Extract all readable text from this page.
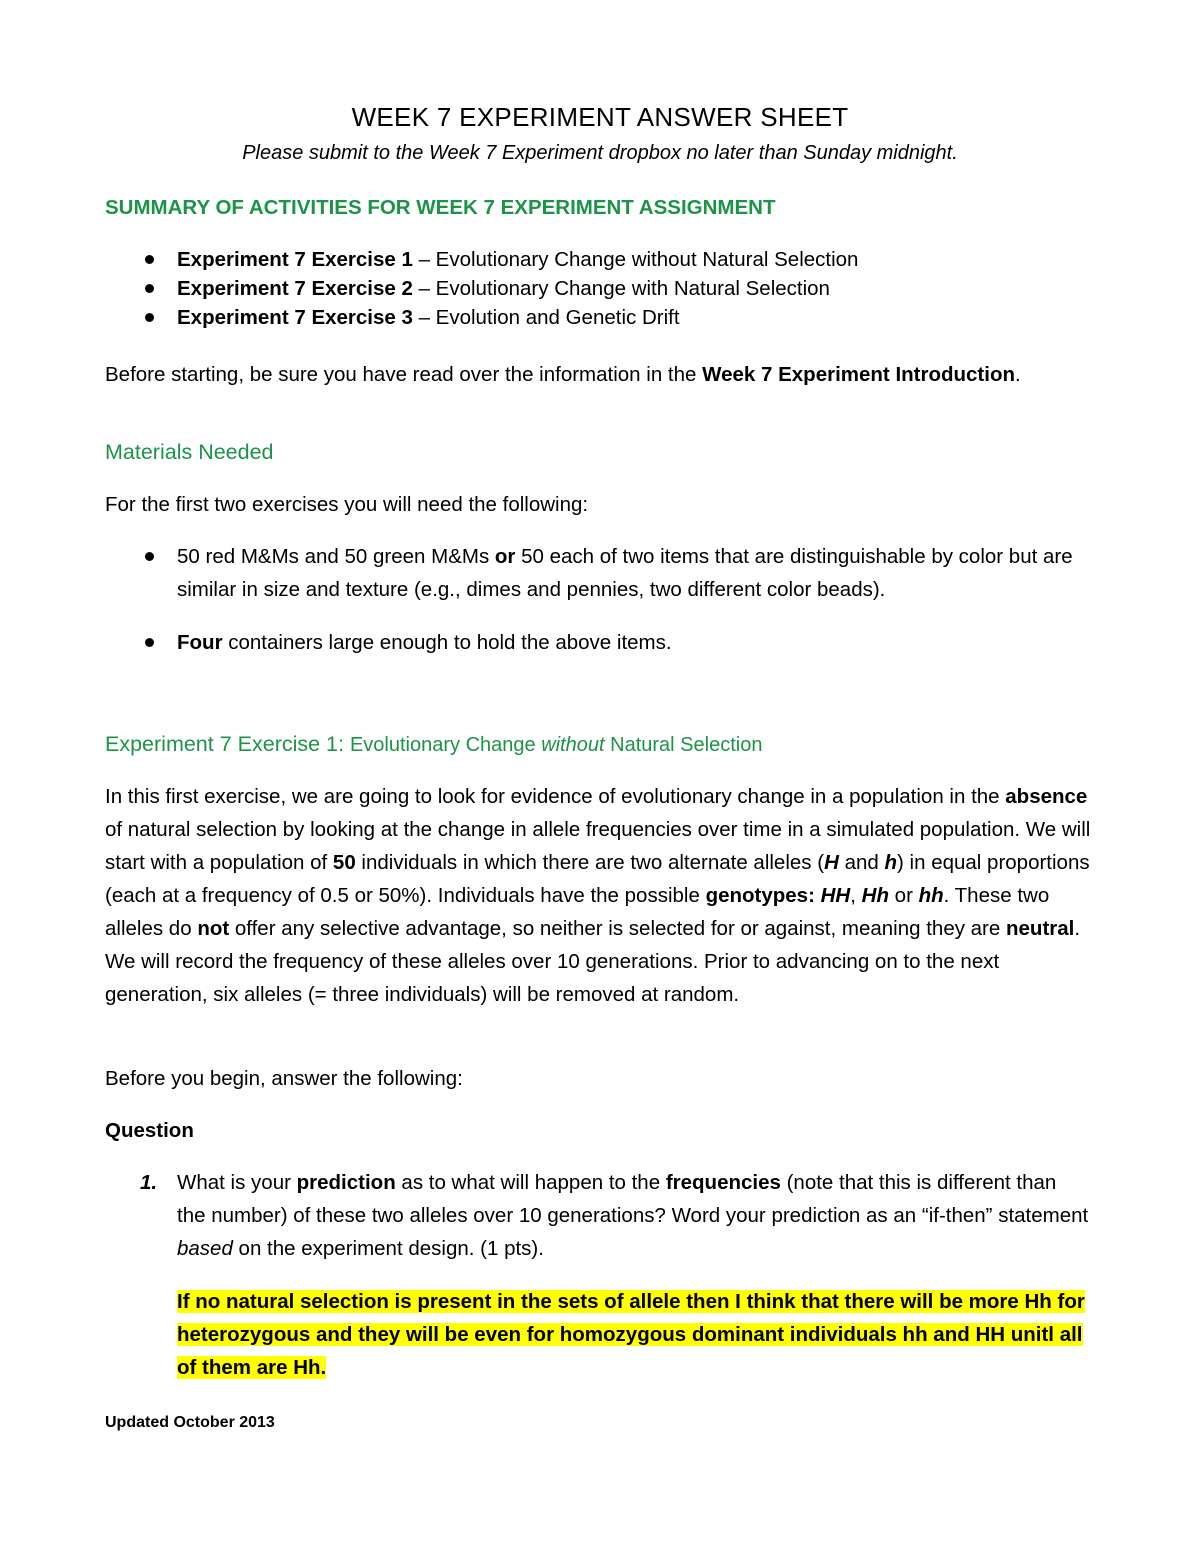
WEEK 7 EXPERIMENT ANSWER SHEET
Please submit to the Week 7 Experiment dropbox no later than Sunday midnight.
SUMMARY OF ACTIVITIES FOR WEEK 7 EXPERIMENT ASSIGNMENT
Experiment 7 Exercise 1 – Evolutionary Change without Natural Selection
Experiment 7 Exercise 2 – Evolutionary Change with Natural Selection
Experiment 7 Exercise 3 – Evolution and Genetic Drift
Before starting, be sure you have read over the information in the Week 7 Experiment Introduction.
Materials Needed
For the first two exercises you will need the following:
50 red M&Ms and 50 green M&Ms or 50 each of two items that are distinguishable by color but are similar in size and texture (e.g., dimes and pennies, two different color beads).
Four containers large enough to hold the above items.
Experiment 7 Exercise 1: Evolutionary Change without Natural Selection
In this first exercise, we are going to look for evidence of evolutionary change in a population in the absence of natural selection by looking at the change in allele frequencies over time in a simulated population. We will start with a population of 50 individuals in which there are two alternate alleles (H and h) in equal proportions (each at a frequency of 0.5 or 50%). Individuals have the possible genotypes: HH, Hh or hh. These two alleles do not offer any selective advantage, so neither is selected for or against, meaning they are neutral. We will record the frequency of these alleles over 10 generations. Prior to advancing on to the next generation, six alleles (= three individuals) will be removed at random.
Before you begin, answer the following:
Question
1. What is your prediction as to what will happen to the frequencies (note that this is different than the number) of these two alleles over 10 generations? Word your prediction as an “if-then” statement based on the experiment design. (1 pts).
If no natural selection is present in the sets of allele then I think that there will be more Hh for heterozygous and they will be even for homozygous dominant individuals hh and HH unitl all of them are Hh.
Updated October 2013
